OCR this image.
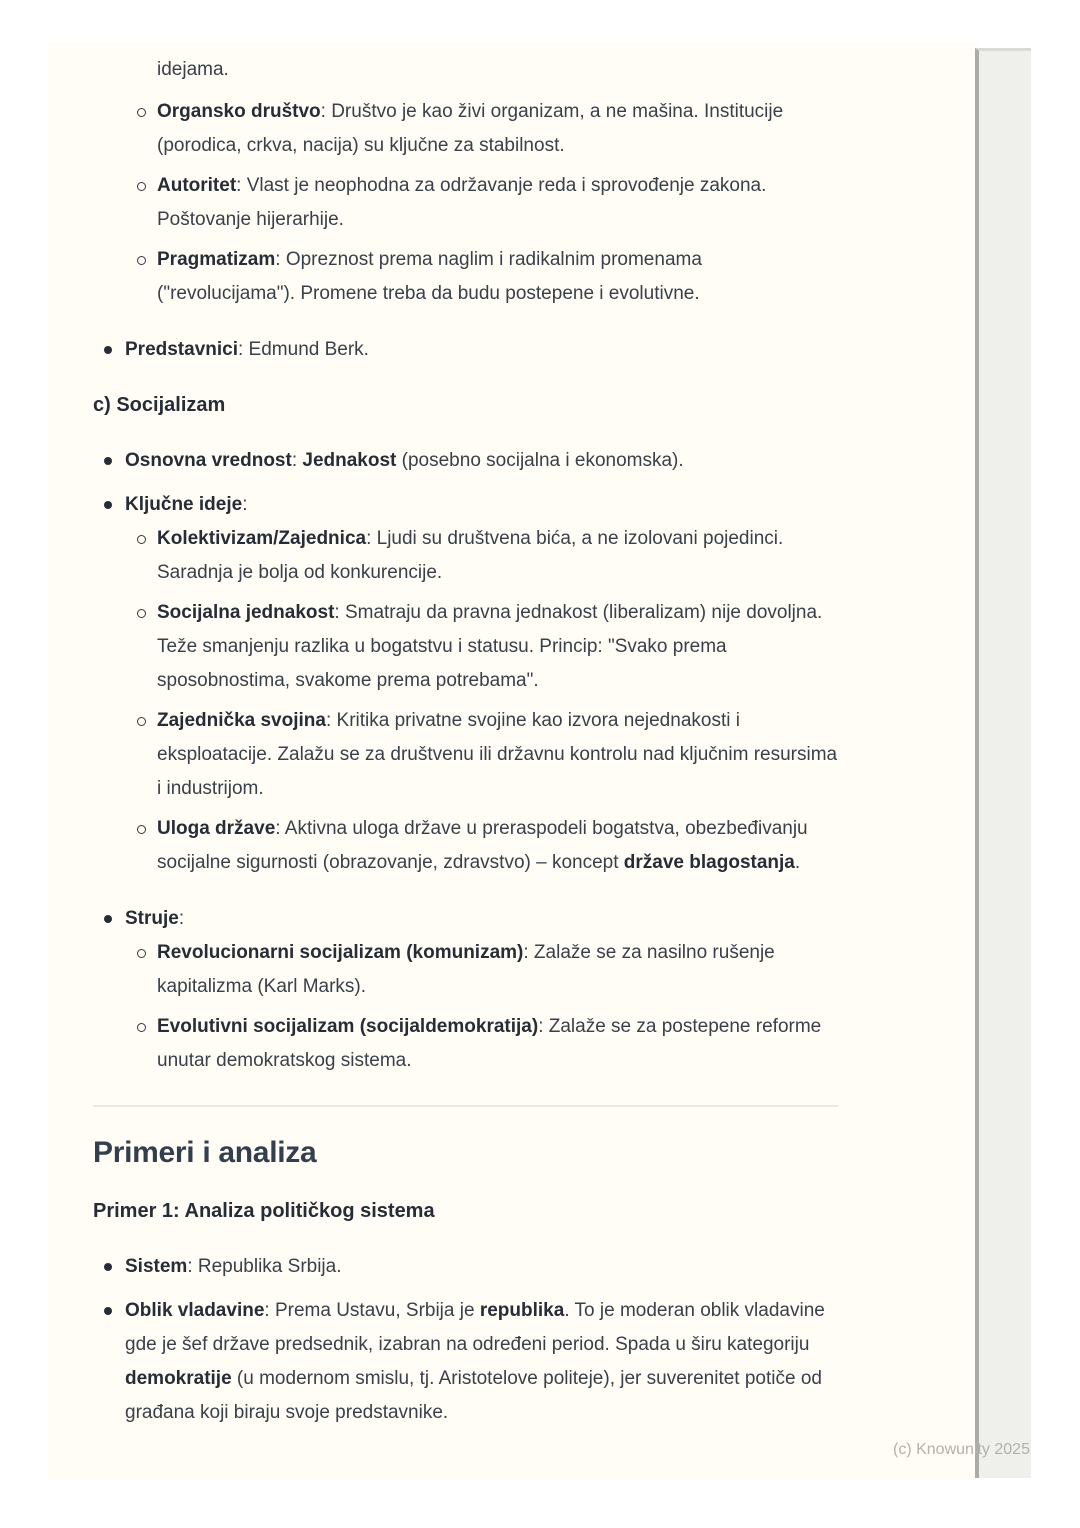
idejama.
Organsko društvo: Društvo je kao živi organizam, a ne mašina. Institucije (porodica, crkva, nacija) su ključne za stabilnost.
Autoritet: Vlast je neophodna za održavanje reda i sprovođenje zakona. Poštovanje hijerarhije.
Pragmatizam: Opreznost prema naglim i radikalnim promenama ("revolucijama"). Promene treba da budu postepene i evolutivne.
Predstavnici: Edmund Berk.
c) Socijalizam
Osnovna vrednost: Jednakost (posebno socijalna i ekonomska).
Ključne ideje:
Kolektivizam/Zajednica: Ljudi su društvena bića, a ne izolovani pojedinci. Saradnja je bolja od konkurencije.
Socijalna jednakost: Smatraju da pravna jednakost (liberalizam) nije dovoljna. Teže smanjenju razlika u bogatstvu i statusu. Princip: "Svako prema sposobnostima, svakome prema potrebama".
Zajednička svojina: Kritika privatne svojine kao izvora nejednakosti i eksploatacije. Zalažu se za društvenu ili državnu kontrolu nad ključnim resursima i industrijom.
Uloga države: Aktivna uloga države u preraspodeli bogatstva, obezbeđivanju socijalne sigurnosti (obrazovanje, zdravstvo) – koncept države blagostanja.
Struje:
Revolucionarni socijalizam (komunizam): Zalaže se za nasilno rušenje kapitalizma (Karl Marks).
Evolutivni socijalizam (socijaldemokratija): Zalaže se za postepene reforme unutar demokratskog sistema.
Primeri i analiza
Primer 1: Analiza političkog sistema
Sistem: Republika Srbija.
Oblik vladavine: Prema Ustavu, Srbija je republika. To je moderan oblik vladavine gde je šef države predsednik, izabran na određeni period. Spada u širu kategoriju demokratije (u modernom smislu, tj. Aristotelove politeje), jer suverenitet potiče od građana koji biraju svoje predstavnike.
(c) Knowunity 2025
